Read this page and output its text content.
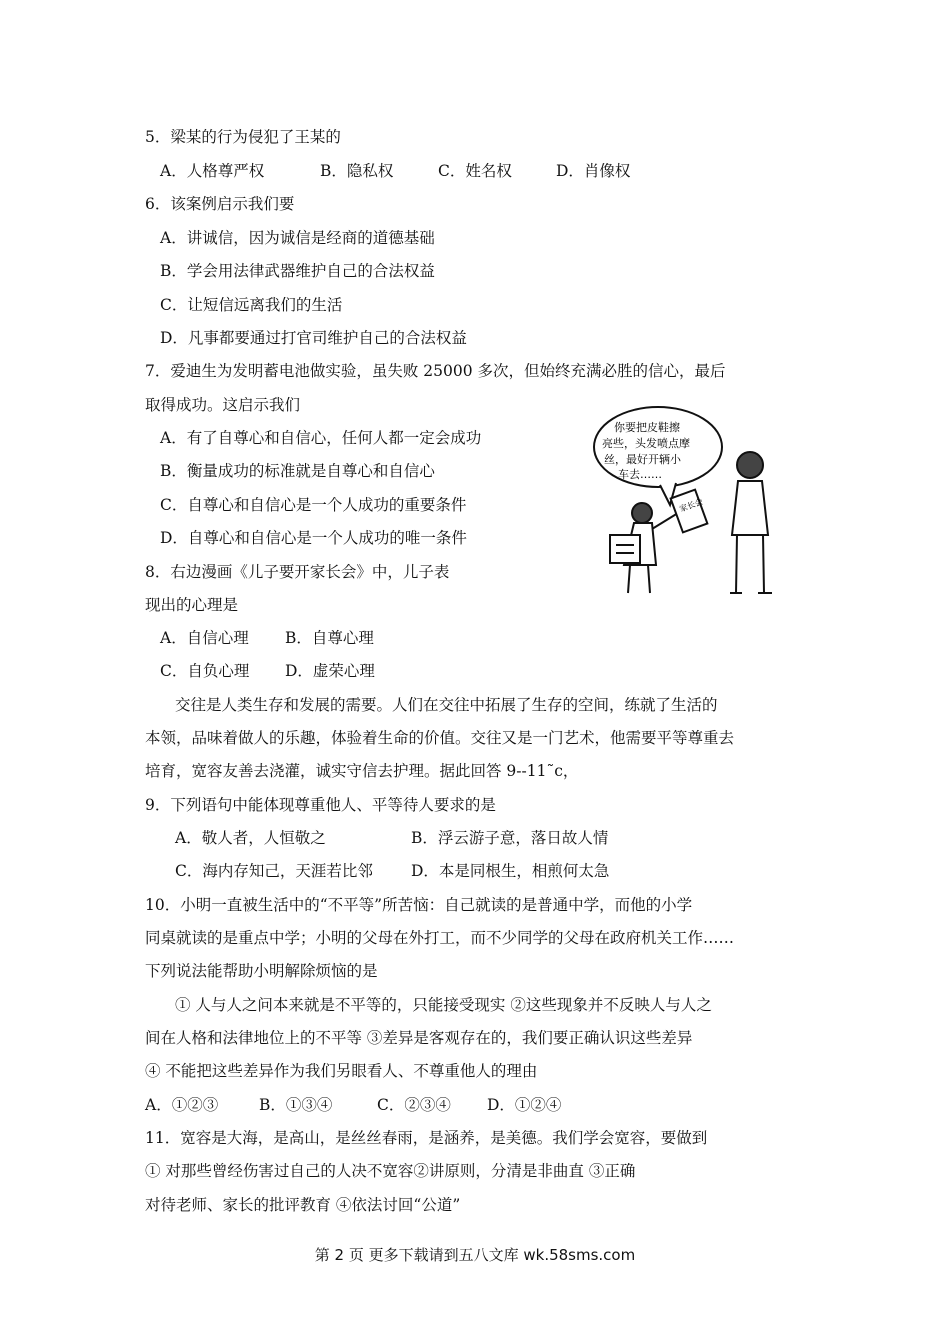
5．梁某的行为侵犯了王某的
A．人格尊严权	B．隐私权	C．姓名权	D．肖像权
6．该案例启示我们要
A．讲诚信，因为诚信是经商的道德基础
B．学会用法律武器维护自己的合法权益
C．让短信远离我们的生活
D．凡事都要通过打官司维护自己的合法权益
7．爱迪生为发明蓄电池做实验，虽失败 25000 多次，但始终充满必胜的信心，最后
取得成功。这启示我们
A．有了自尊心和自信心，任何人都一定会成功
B．衡量成功的标准就是自尊心和自信心
C．自尊心和自信心是一个人成功的重要条件
D．自尊心和自信心是一个人成功的唯一条件
8．右边漫画《儿子要开家长会》中，儿子表
现出的心理是
A．自信心理	B．自尊心理
C．自负心理	D．虚荣心理
你要把皮鞋擦
亮些，头发喷点摩
丝，最好开辆小
车去……
家长会
交往是人类生存和发展的需要。人们在交往中拓展了生存的空间，练就了生活的
本领，品味着做人的乐趣，体验着生命的价值。交往又是一门艺术，他需要平等尊重去
培育，宽容友善去浇灌，诚实守信去护理。据此回答 9--11˜c，
9．下列语句中能体现尊重他人、平等待人要求的是
A．敬人者，人恒敬之	B．浮云游子意，落日故人情
C．海内存知己，天涯若比邻	D．本是同根生，相煎何太急
10．小明一直被生活中的“不平等”所苦恼：自己就读的是普通中学，而他的小学
同桌就读的是重点中学；小明的父母在外打工，而不少同学的父母在政府机关工作……
下列说法能帮助小明解除烦恼的是
① 人与人之问本来就是不平等的，只能接受现实 ②这些现象并不反映人与人之
间在人格和法律地位上的不平等 ③差异是客观存在的，我们要正确认识这些差异
④ 不能把这些差异作为我们另眼看人、不尊重他人的理由
A．①②③	B．①③④	C．②③④	D．①②④
11．宽容是大海，是高山，是丝丝春雨，是涵养，是美德。我们学会宽容，要做到
① 对那些曾经伤害过自己的人决不宽容②讲原则，分清是非曲直 ③正确
对待老师、家长的批评教育 ④依法讨回“公道”
第 2 页 更多下载请到五八文库 wk.58sms.com
